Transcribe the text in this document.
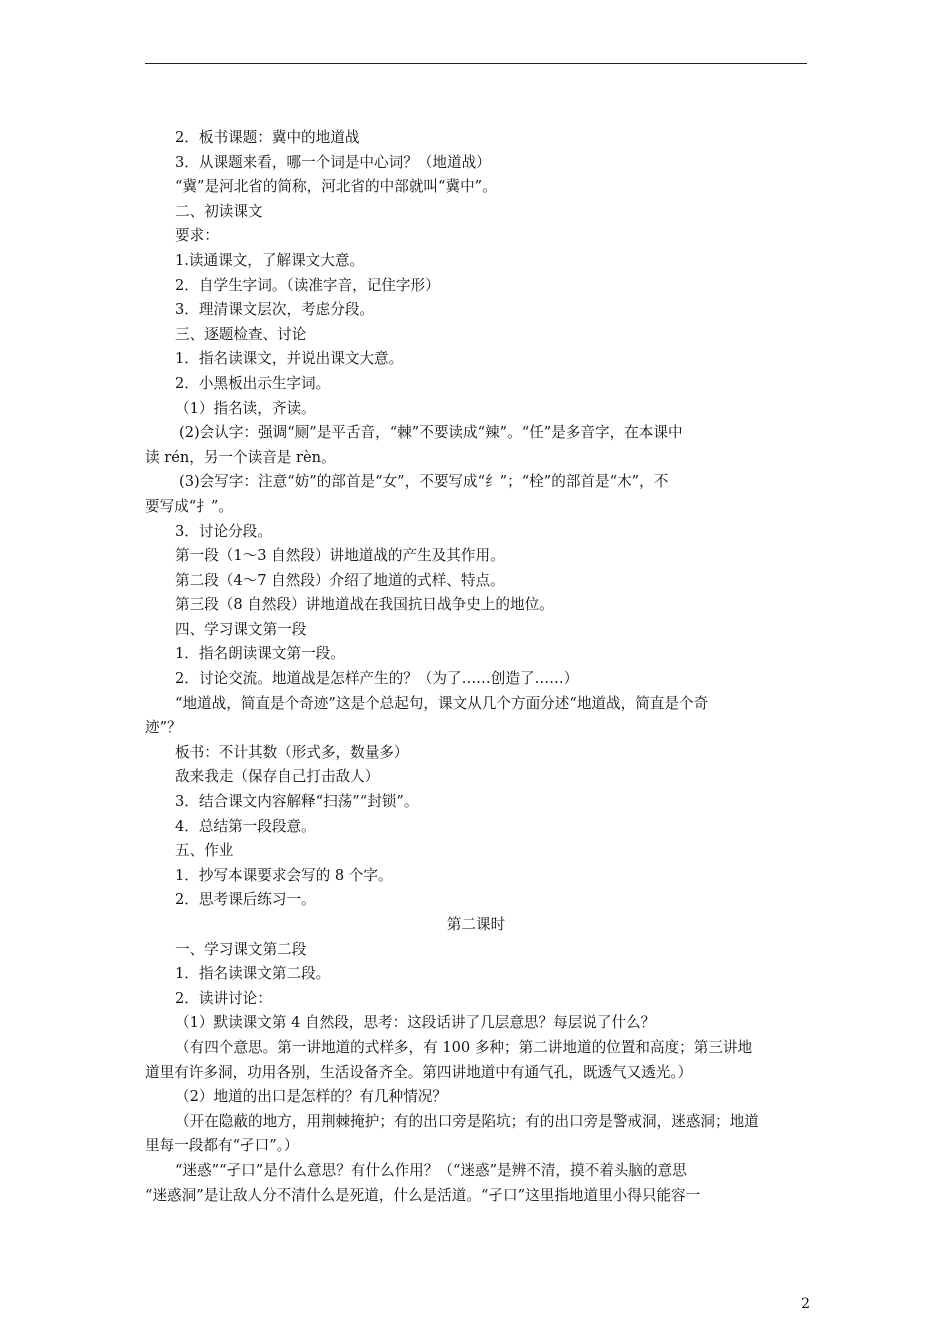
2．板书课题：冀中的地道战
3．从课题来看，哪一个词是中心词？（地道战）
“冀”是河北省的简称，河北省的中部就叫“冀中”。
二、初读课文
要求：
1.读通课文，了解课文大意。
2．自学生字词。（读准字音，记住字形）
3．理清课文层次，考虑分段。
三、逐题检查、讨论
1．指名读课文，并说出课文大意。
2．小黑板出示生字词。
（1）指名读，齐读。
(2)会认字：强调“厕”是平舌音，“棘”不要读成“辣”。“任”是多音字，在本课中
读 rén，另一个读音是 rèn。
(3)会写字：注意“妨”的部首是“女”，不要写成“纟”；“栓”的部首是“木”，不
要写成“扌”。
3．讨论分段。
第一段（1～3 自然段）讲地道战的产生及其作用。
第二段（4～7 自然段）介绍了地道的式样、特点。
第三段（8 自然段）讲地道战在我国抗日战争史上的地位。
四、学习课文第一段
1．指名朗读课文第一段。
2．讨论交流。地道战是怎样产生的？（为了……创造了……）
“地道战，简直是个奇迹”这是个总起句，课文从几个方面分述“地道战，简直是个奇
迹”？
板书：不计其数（形式多，数量多）
敌来我走（保存自己打击敌人）
3．结合课文内容解释“扫荡”“封锁”。
4．总结第一段段意。
五、作业
1．抄写本课要求会写的 8 个字。
2．思考课后练习一。
第二课时
一、学习课文第二段
1．指名读课文第二段。
2．读讲讨论：
（1）默读课文第 4 自然段，思考：这段话讲了几层意思？每层说了什么？
（有四个意思。第一讲地道的式样多，有 100 多种；第二讲地道的位置和高度；第三讲地
道里有许多洞，功用各别，生活设备齐全。第四讲地道中有通气孔，既透气又透光。）
（2）地道的出口是怎样的？有几种情况？
（开在隐蔽的地方，用荆棘掩护；有的出口旁是陷坑；有的出口旁是警戒洞，迷惑洞；地道
里每一段都有“孑口”。）
“迷惑”“孑口”是什么意思？有什么作用？（“迷惑”是辨不清，摸不着头脑的意思
“迷惑洞”是让敌人分不清什么是死道，什么是活道。“孑口”这里指地道里小得只能容一
2
